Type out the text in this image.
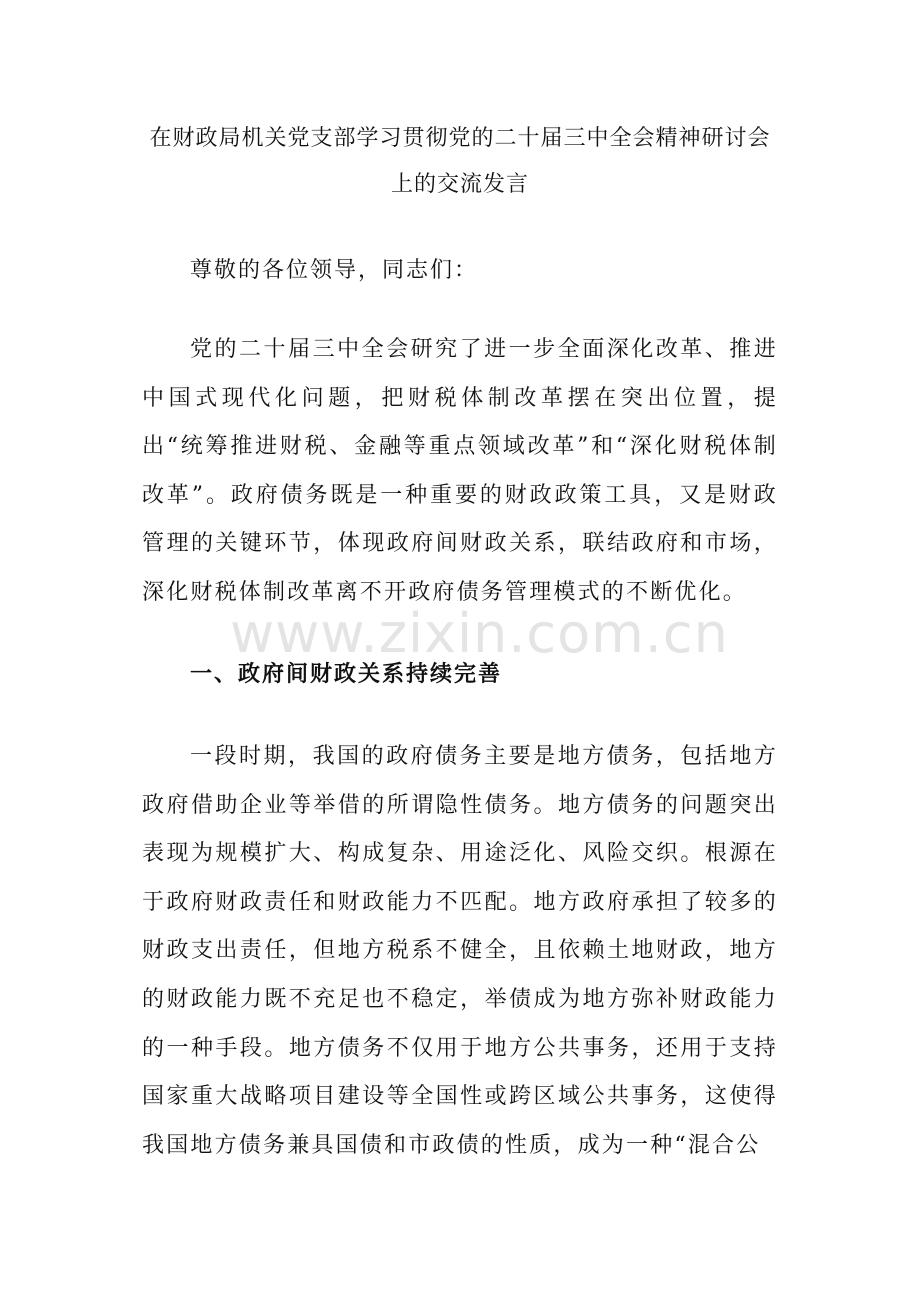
www.zixin.com.cn
在财政局机关党支部学习贯彻党的二十届三中全会精神研讨会上的交流发言
尊敬的各位领导，同志们：

党的二十届三中全会研究了进一步全面深化改革、推进中国式现代化问题，把财税体制改革摆在突出位置，提出“统筹推进财税、金融等重点领域改革”和“深化财税体制改革”。政府债务既是一种重要的财政政策工具，又是财政管理的关键环节，体现政府间财政关系，联结政府和市场，深化财税体制改革离不开政府债务管理模式的不断优化。

一、政府间财政关系持续完善

一段时期，我国的政府债务主要是地方债务，包括地方政府借助企业等举借的所谓隐性债务。地方债务的问题突出表现为规模扩大、构成复杂、用途泛化、风险交织。根源在于政府财政责任和财政能力不匹配。地方政府承担了较多的财政支出责任，但地方税系不健全，且依赖土地财政，地方的财政能力既不充足也不稳定，举债成为地方弥补财政能力的一种手段。地方债务不仅用于地方公共事务，还用于支持国家重大战略项目建设等全国性或跨区域公共事务，这使得我国地方债务兼具国债和市政债的性质，成为一种“混合公
